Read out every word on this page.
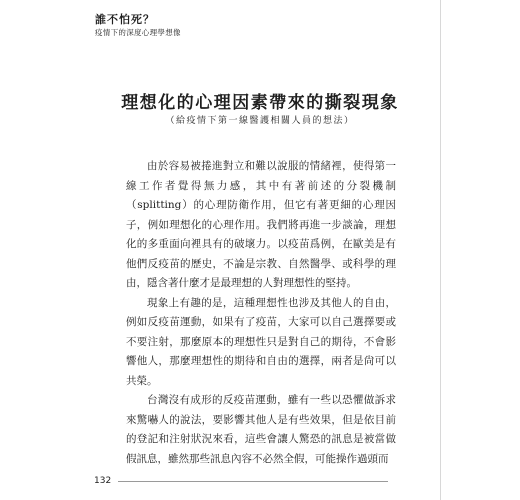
誰不怕死？
疫情下的深度心理學想像
理想化的心理因素帶來的撕裂現象
（給疫情下第一線醫護相關人員的想法）

由於容易被捲進對立和難以說服的情緒裡，使得第一線工作者覺得無力感，其中有著前述的分裂機制（splitting）的心理防衛作用，但它有著更細的心理因子，例如理想化的心理作用。我們將再進一步談論，理想化的多重面向裡具有的破壞力。以疫苗爲例，在歐美是有他們反疫苗的歷史，不論是宗教、自然醫學、或科學的理由，隱含著什麼才是最理想的人對理想性的堅持。

現象上有趣的是，這種理想性也涉及其他人的自由，例如反疫苗運動，如果有了疫苗，大家可以自己選擇要或不要注射，那麼原本的理想性只是對自己的期待，不會影響他人，那麼理想性的期待和自由的選擇，兩者是尙可以共榮。

台灣沒有成形的反疫苗運動，雖有一些以恐懼做訴求來驚嚇人的說法，要影響其他人是有些效果，但是依目前的登記和注射狀況來看，這些會讓人驚恐的訊息是被當做假訊息，雖然那些訊息內容不必然全假，可能操作過頭而

132
